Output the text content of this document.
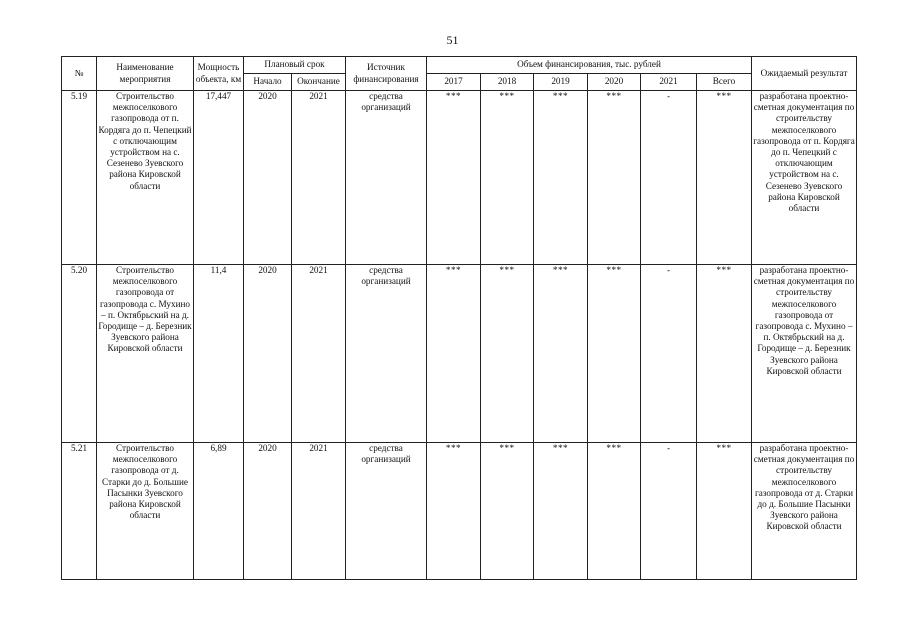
51
№	Наименование мероприятия	Мощность объекта, км	Плановый срок		Источник финансирования	Объем финансирования, тыс. рублей						Ожидаемый результат
			Начало	Окончание		2017	2018	2019	2020	2021	Всего	
5.19	Строительство межпоселкового газопровода от п. Кордяга до п. Чепецкий с отключающим устройством на с. Сезенево Зуевского района Кировской области	17,447	2020	2021	средства организаций	***	***	***	***	-	***	разработана проектно-сметная документация по строительству межпоселкового газопровода от п. Кордяга до п. Чепецкий с отключающим устройством на с. Сезенево Зуевского района Кировской области
5.20	Строительство межпоселкового газопровода от газопровода с. Мухино – п. Октябрьский на д. Городище – д. Березник Зуевского района Кировской области	11,4	2020	2021	средства организаций	***	***	***	***	-	***	разработана проектно-сметная документация по строительству межпоселкового газопровода от газопровода с. Мухино – п. Октябрьский на д. Городище – д. Березник Зуевского района Кировской области
5.21	Строительство межпоселкового газопровода от д. Старки до д. Большие Пасынки Зуевского района Кировской области	6,89	2020	2021	средства организаций	***	***	***	***	-	***	разработана проектно-сметная документация по строительству межпоселкового газопровода от д. Старки до д. Большие Пасынки Зуевского района Кировской области
